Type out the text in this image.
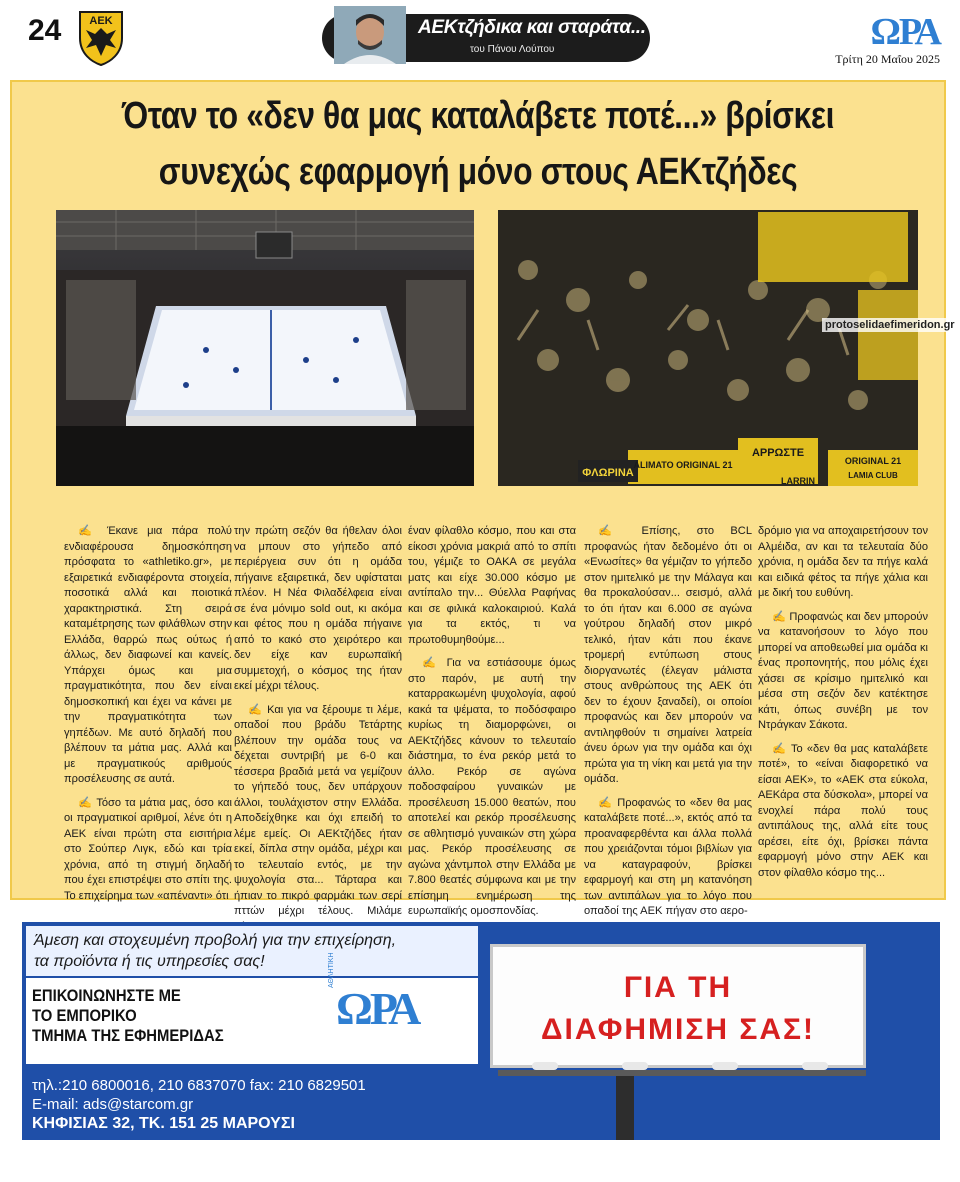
24	ΑΕΚ	ΑΕΚτζήδικα και σταράτα...
του Πάνου Λούπου	ΩΡΑ
Τρίτη 20 Μαΐου 2025
Όταν το «δεν θα μας καταλάβετε ποτέ...» βρίσκει
συνεχώς εφαρμογή μόνο στους ΑΕΚτζήδες
ΦΛΩΡΙΝΑ
ALIMATO ORIGINAL 21
ΑΡΡΩΣΤΕ
ORIGINAL 21
LAMIA CLUB
LARRIN
protoselidaefimeridon.gr

✍ Έκανε μια πάρα πολύ ενδιαφέρουσα δημοσκόπηση πρόσφατα το «athletiko.gr», με εξαιρετικά ενδιαφέροντα στοιχεία, ποσοτικά αλλά και ποιοτικά χαρακτηριστικά. Στη σειρά καταμέτρησης των φιλάθλων στην Ελλάδα, θαρρώ πως ούτως ή άλλως, δεν διαφωνεί και κανείς. Υπάρχει όμως και μια πραγματικότητα, που δεν είναι δημοσκοπική και έχει να κάνει με την πραγματικότητα των γηπέδων. Με αυτό δηλαδή που βλέπουν τα μάτια μας. Αλλά και με πραγματικούς αριθμούς προσέλευσης σε αυτά.

✍ Τόσο τα μάτια μας, όσο και οι πραγματικοί αριθμοί, λένε ότι η ΑΕΚ είναι πρώτη στα εισιτήρια στο Σούπερ Λιγκ, εδώ και τρία χρόνια, από τη στιγμή δηλαδή που έχει επιστρέψει στο σπίτι της. Το επιχείρημα των «απέναντι» ότι

την πρώτη σεζόν θα ήθελαν όλοι να μπουν στο γήπεδο από περιέργεια συν ότι η ομάδα πήγαινε εξαιρετικά, δεν υφίσταται πλέον. Η Νέα Φιλαδέλφεια είναι σε ένα μόνιμο sold out, κι ακόμα και φέτος που η ομάδα πήγαινε από το κακό στο χειρότερο και δεν είχε καν ευρωπαϊκή συμμετοχή, ο κόσμος της ήταν εκεί μέχρι τέλους.

✍ Και για να ξέρουμε τι λέμε, οπαδοί που βράδυ Τετάρτης βλέπουν την ομάδα τους να δέχεται συντριβή με 6-0 και τέσσερα βραδιά μετά να γεμίζουν το γήπεδό τους, δεν υπάρχουν άλλοι, τουλάχιστον στην Ελλάδα. Αποδείχθηκε και όχι επειδή το λέμε εμείς. Οι ΑΕΚτζήδες ήταν εκεί, δίπλα στην ομάδα, μέχρι και το τελευταίο εντός, με την ψυχολογία στα... Τάρταρα και ήπιαν το πικρό φαρμάκι των σερί πττών μέχρι τέλους. Μιλάμε

έναν φίλαθλο κόσμο, που και στα είκοσι χρόνια μακριά από το σπίτι του, γέμιζε το ΟΑΚΑ σε μεγάλα ματς και είχε 30.000 κόσμο με αντίπαλο την... Θύελλα Ραφήνας και σε φιλικά καλοκαιριού. Καλά για τα εκτός, τι να πρωτοθυμηθούμε...

✍ Για να εστιάσουμε όμως στο παρόν, με αυτή την καταρρακωμένη ψυχολογία, αφού κακά τα ψέματα, το ποδόσφαιρο κυρίως τη διαμορφώνει, οι ΑΕΚτζήδες κάνουν το τελευταίο διάστημα, το ένα ρεκόρ μετά το άλλο. Ρεκόρ σε αγώνα ποδοσφαίρου γυναικών με προσέλευση 15.000 θεατών, που αποτελεί και ρεκόρ προσέλευσης σε αθλητισμό γυναικών στη χώρα μας. Ρεκόρ προσέλευσης σε αγώνα χάντμπολ στην Ελλάδα με 7.800 θεατές σύμφωνα και με την επίσημη ενημέρωση της ευρωπαϊκής ομοσπονδίας.

✍ Επίσης, στο BCL προφανώς ήταν δεδομένο ότι οι «Ενωσίτες» θα γέμιζαν το γήπεδο στον ημιτελικό με την Μάλαγα και θα προκαλούσαν... σεισμό, αλλά το ότι ήταν και 6.000 σε αγώνα γούτρου δηλαδή στον μικρό τελικό, ήταν κάτι που έκανε τρομερή εντύπωση στους διοργανωτές (έλεγαν μάλιστα στους ανθρώπους της ΑΕΚ ότι δεν το έχουν ξαναδεί), οι οποίοι προφανώς και δεν μπορούν να αντιληφθούν τι σημαίνει λατρεία άνευ όρων για την ομάδα και όχι πρώτα για τη νίκη και μετά για την ομάδα.

✍ Προφανώς το «δεν θα μας καταλάβετε ποτέ...», εκτός από τα προαναφερθέντα και άλλα πολλά που χρειάζονται τόμοι βιβλίων για να καταγραφούν, βρίσκει εφαρμογή και στη μη κατανόηση των αντιπάλων για το λόγο που οπαδοί της ΑΕΚ πήγαν στο αερο-

δρόμιο για να αποχαιρετήσουν τον Αλμέιδα, αν και τα τελευταία δύο χρόνια, η ομάδα δεν τα πήγε καλά και ειδικά φέτος τα πήγε χάλια και με δική του ευθύνη.

✍ Προφανώς και δεν μπορούν να κατανοήσουν το λόγο που μπορεί να αποθεωθεί μια ομάδα κι ένας προπονητής, που μόλις έχει χάσει σε κρίσιμο ημιτελικό και μέσα στη σεζόν δεν κατέκτησε κάτι, όπως συνέβη με τον Ντράγκαν Σάκοτα.

✍ Το «δεν θα μας καταλάβετε ποτέ», το «είναι διαφορετικό να είσαι ΑΕΚ», το «ΑΕΚ στα εύκολα, ΑΕΚάρα στα δύσκολα», μπορεί να ενοχλεί πάρα πολύ τους αντιπάλους της, αλλά είτε τους αρέσει, είτε όχι, βρίσκει πάντα εφαρμογή μόνο στην ΑΕΚ και στον φίλαθλο κόσμο της...

Άμεση και στοχευμένη προβολή για την επιχείρηση,
τα προϊόντα ή τις υπηρεσίες σας!
ΕΠΙΚΟΙΝΩΝΗΣΤΕ ΜΕ
ΤΟ ΕΜΠΟΡΙΚΟ
ΤΜΗΜΑ ΤΗΣ ΕΦΗΜΕΡΙΔΑΣ
ΑΘΛΗΤΙΚΗ
ΩΡΑ
τηλ.:210 6800016, 210 6837070 fax: 210 6829501
E-mail: ads@starcom.gr
ΚΗΦΙΣΙΑΣ 32, ΤΚ. 151 25 ΜΑΡΟΥΣΙ
ΓΙΑ ΤΗ
ΔΙΑΦΗΜΙΣΗ ΣΑΣ!
